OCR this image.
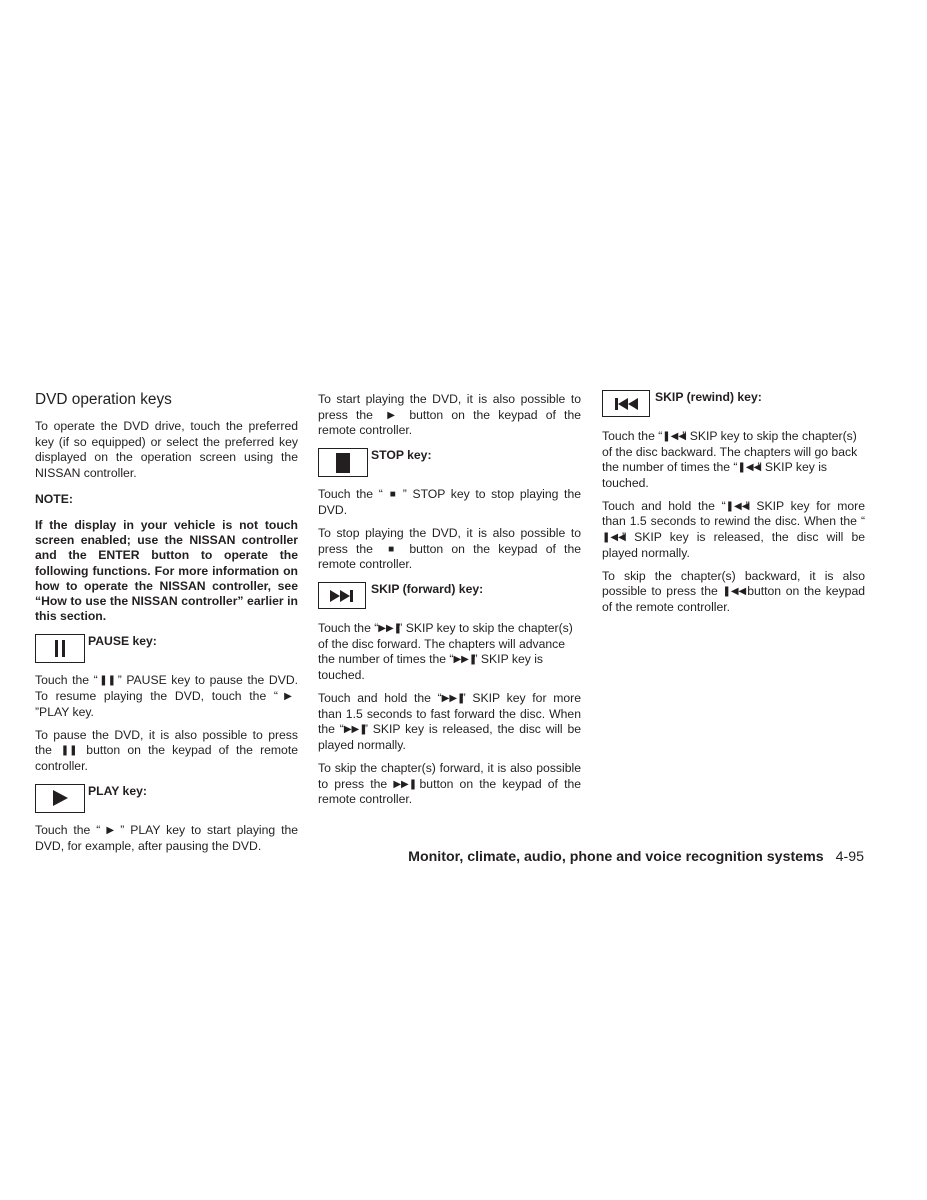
DVD operation keys

To operate the DVD drive, touch the preferred key (if so equipped) or select the preferred key displayed on the operation screen using the NISSAN controller.

NOTE:

If the display in your vehicle is not touch screen enabled; use the NISSAN controller and the ENTER button to operate the following functions. For more information on how to operate the NISSAN controller, see “How to use the NISSAN controller” earlier in this section.

PAUSE key:

Touch the “ ❚❚ ” PAUSE key to pause the DVD. To resume playing the DVD, touch the “ ▶”PLAY key.

To pause the DVD, it is also possible to press the ❚❚ button on the keypad of the remote controller.

PLAY key:

Touch the “ ▶ ” PLAY key to start playing the DVD, for example, after pausing the DVD.

To start playing the DVD, it is also possible to press the ▶ button on the keypad of the remote controller.

STOP key:

Touch the “ ■ ” STOP key to stop playing the DVD.

To stop playing the DVD, it is also possible to press the ■ button on the keypad of the remote controller.

SKIP (forward) key:

Touch the “▶▶❚” SKIP key to skip the chapter(s) of the disc forward. The chapters will advance the number of times the “▶▶❚” SKIP key is touched.

Touch and hold the “▶▶❚” SKIP key for more than 1.5 seconds to fast forward the disc. When the “▶▶❚” SKIP key is released, the disc will be played normally.

To skip the chapter(s) forward, it is also possible to press the ▶▶❚ button on the keypad of the remote controller.

SKIP (rewind) key:

Touch the “❚◀◀” SKIP key to skip the chapter(s) of the disc backward. The chapters will go back the number of times the “❚◀◀” SKIP key is touched.

Touch and hold the “❚◀◀” SKIP key for more than 1.5 seconds to rewind the disc. When the “❚◀◀” SKIP key is released, the disc will be played normally.

To skip the chapter(s) backward, it is also possible to press the ❚◀◀ button on the keypad of the remote controller.

Monitor, climate, audio, phone and voice recognition systems 4-95
